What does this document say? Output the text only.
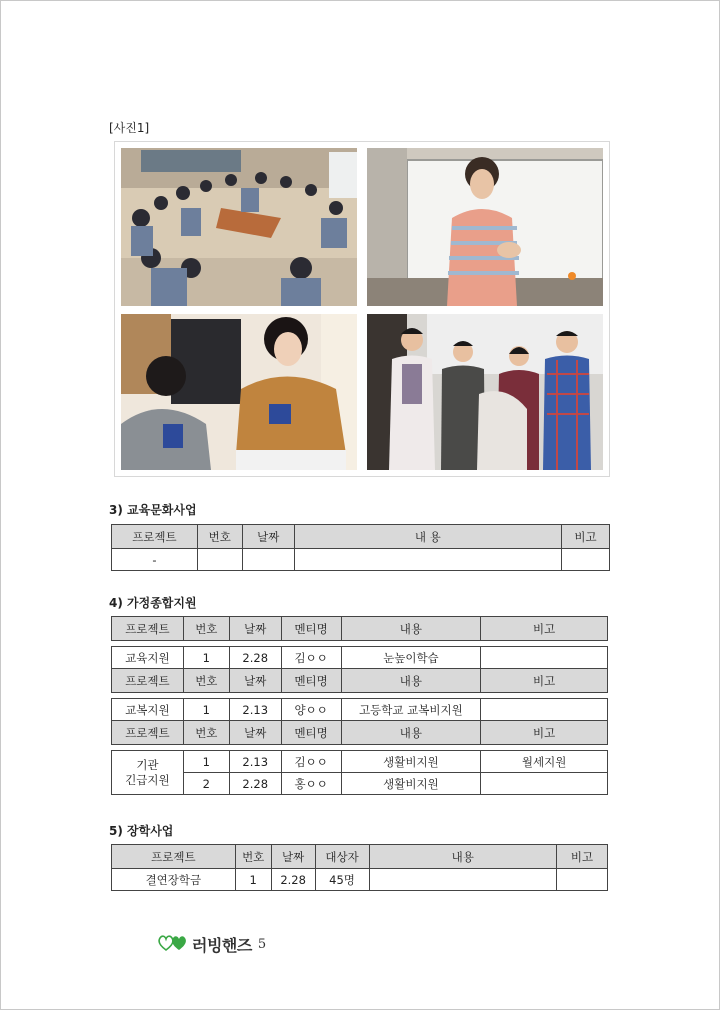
[사진1]
3) 교육문화사업
프로젝트	번호	날짜	내 용	비고
-				
4) 가정종합지원
프로젝트	번호	날짜	멘티명	내용	비고

교육지원	1	2.28	김ㅇㅇ	눈높이학습	
프로젝트	번호	날짜	멘티명	내용	비고

교복지원	1	2.13	양ㅇㅇ	고등학교 교복비지원	
프로젝트	번호	날짜	멘티명	내용	비고

기관
긴급지원	1	2.13	김ㅇㅇ	생활비지원	월세지원
	2	2.28	홍ㅇㅇ	생활비지원	
5) 장학사업
프로젝트	번호	날짜	대상자	내용	비고
결연장학금	1	2.28	45명		
러빙핸즈 5
